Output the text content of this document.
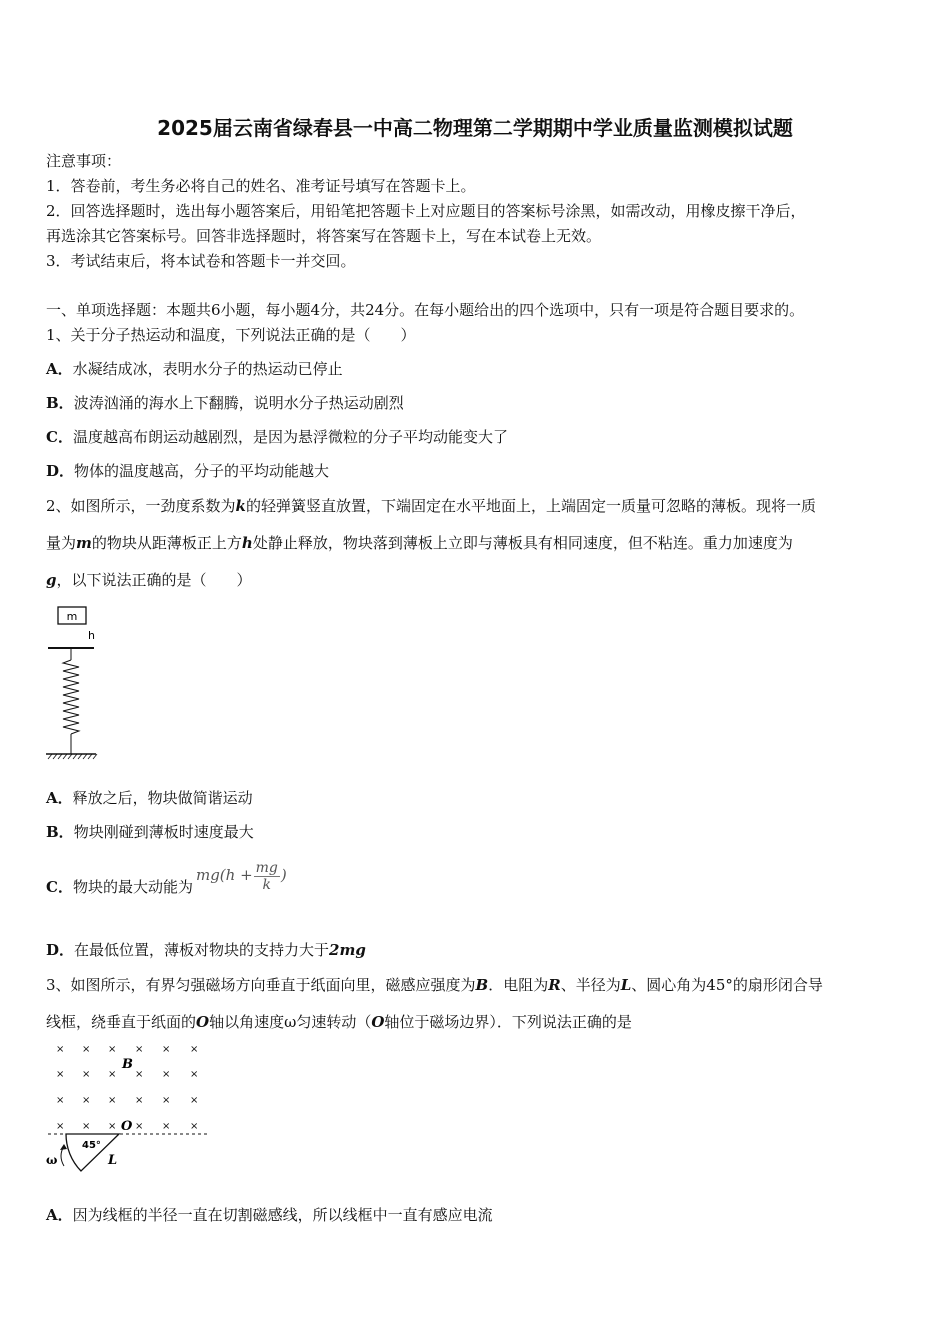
2025届云南省绿春县一中高二物理第二学期期中学业质量监测模拟试题
注意事项：
1．答卷前，考生务必将自己的姓名、准考证号填写在答题卡上。
2．回答选择题时，选出每小题答案后，用铅笔把答题卡上对应题目的答案标号涂黑，如需改动，用橡皮擦干净后，
再选涂其它答案标号。回答非选择题时，将答案写在答题卡上，写在本试卷上无效。
3．考试结束后，将本试卷和答题卡一并交回。
一、单项选择题：本题共6小题，每小题4分，共24分。在每小题给出的四个选项中，只有一项是符合题目要求的。
1、关于分子热运动和温度，下列说法正确的是（　　）
A．水凝结成冰，表明水分子的热运动已停止
B．波涛汹涌的海水上下翻腾，说明水分子热运动剧烈
C．温度越高布朗运动越剧烈，是因为悬浮微粒的分子平均动能变大了
D．物体的温度越高，分子的平均动能越大
2、如图所示，一劲度系数为k的轻弹簧竖直放置，下端固定在水平地面上，上端固定一质量可忽略的薄板。现将一质
量为m的物块从距薄板正上方h处静止释放，物块落到薄板上立即与薄板具有相同速度，但不粘连。重力加速度为
g，以下说法正确的是（　　）
m
h
A．释放之后，物块做简谐运动
B．物块刚碰到薄板时速度最大
C．物块的最大动能为$mg(h + \frac{mg}{k}$ )
D．在最低位置，薄板对物块的支持力大于2mg
3、如图所示，有界匀强磁场方向垂直于纸面向里，磁感应强度为B．电阻为R、半径为L、圆心角为45°的扇形闭合导
线框，绕垂直于纸面的O轴以角速度ω匀速转动（O轴位于磁场边界）．下列说法正确的是
× × × × × ×
× × × × × ×
× × × × × ×
× × × × × ×
B
O
45°
L
ω
A．因为线框的半径一直在切割磁感线，所以线框中一直有感应电流
